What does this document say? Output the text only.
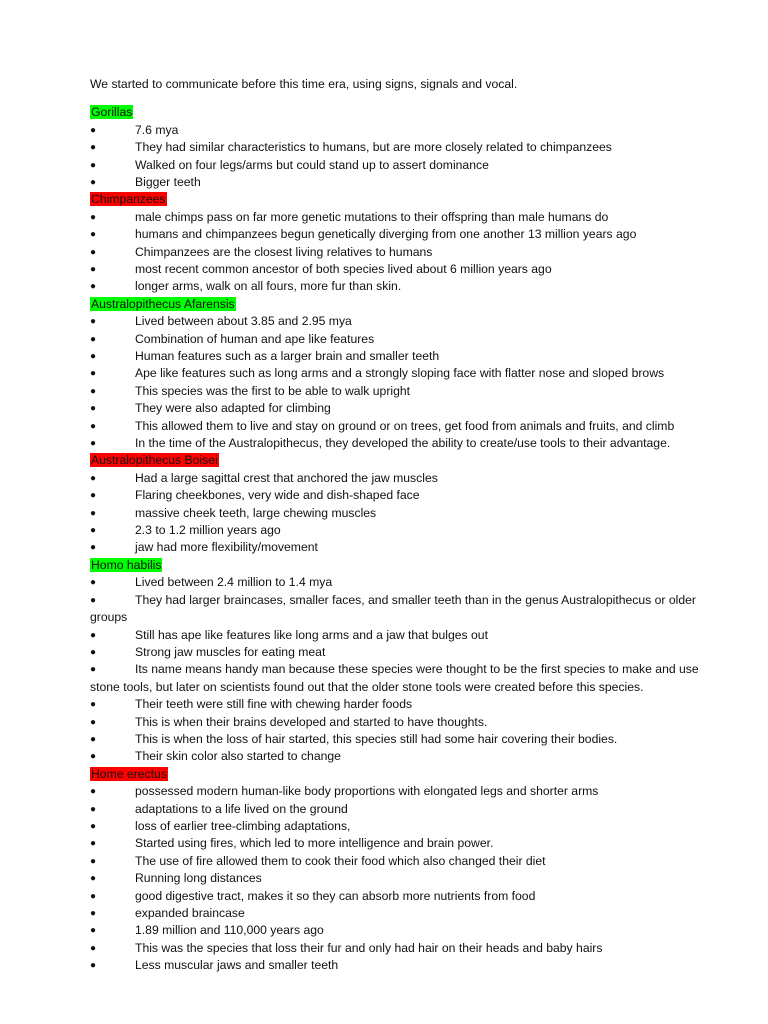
We started to communicate before this time era, using signs, signals and vocal.
Gorillas
●	7.6 mya
●	They had similar characteristics to humans, but are more closely related to chimpanzees
●	Walked on four legs/arms but could stand up to assert dominance
●	Bigger teeth
Chimpanzees
●	male chimps pass on far more genetic mutations to their offspring than male humans do
●	humans and chimpanzees begun genetically diverging from one another 13 million years ago
●	Chimpanzees are the closest living relatives to humans
●	most recent common ancestor of both species lived about 6 million years ago
●	longer arms, walk on all fours, more fur than skin.
Australopithecus Afarensis
●	Lived between about 3.85 and 2.95 mya
●	Combination of human and ape like features
●	Human features such as a larger brain and smaller teeth
●	Ape like features such as long arms and a strongly sloping face with flatter nose and sloped brows
●	This species was the first to be able to walk upright
●	They were also adapted for climbing
●	This allowed them to live and stay on ground or on trees, get food from animals and fruits, and climb
●	In the time of the Australopithecus, they developed the ability to create/use tools to their advantage.
Australopithecus Boisei
●	Had a large sagittal crest that anchored the jaw muscles
●	Flaring cheekbones, very wide and dish-shaped face
●	massive cheek teeth, large chewing muscles
●	2.3 to 1.2 million years ago
●	jaw had more flexibility/movement
Homo habilis
●	Lived between 2.4 million to 1.4 mya
●	They had larger braincases, smaller faces, and smaller teeth than in the genus Australopithecus or older groups
●	Still has ape like features like long arms and a jaw that bulges out
●	Strong jaw muscles for eating meat
●	Its name means handy man because these species were thought to be the first species to make and use stone tools, but later on scientists found out that the older stone tools were created before this species.
●	Their teeth were still fine with chewing harder foods
●	This is when their brains developed and started to have thoughts.
●	This is when the loss of hair started, this species still had some hair covering their bodies.
●	Their skin color also started to change
Home erectus
●	possessed modern human-like body proportions with elongated legs and shorter arms
●	adaptations to a life lived on the ground
●	loss of earlier tree-climbing adaptations,
●	Started using fires, which led to more intelligence and brain power.
●	The use of fire allowed them to cook their food which also changed their diet
●	Running long distances
●	good digestive tract, makes it so they can absorb more nutrients from food
●	expanded braincase
●	1.89 million and 110,000 years ago
●	This was the species that loss their fur and only had hair on their heads and baby hairs
●	Less muscular jaws and smaller teeth
